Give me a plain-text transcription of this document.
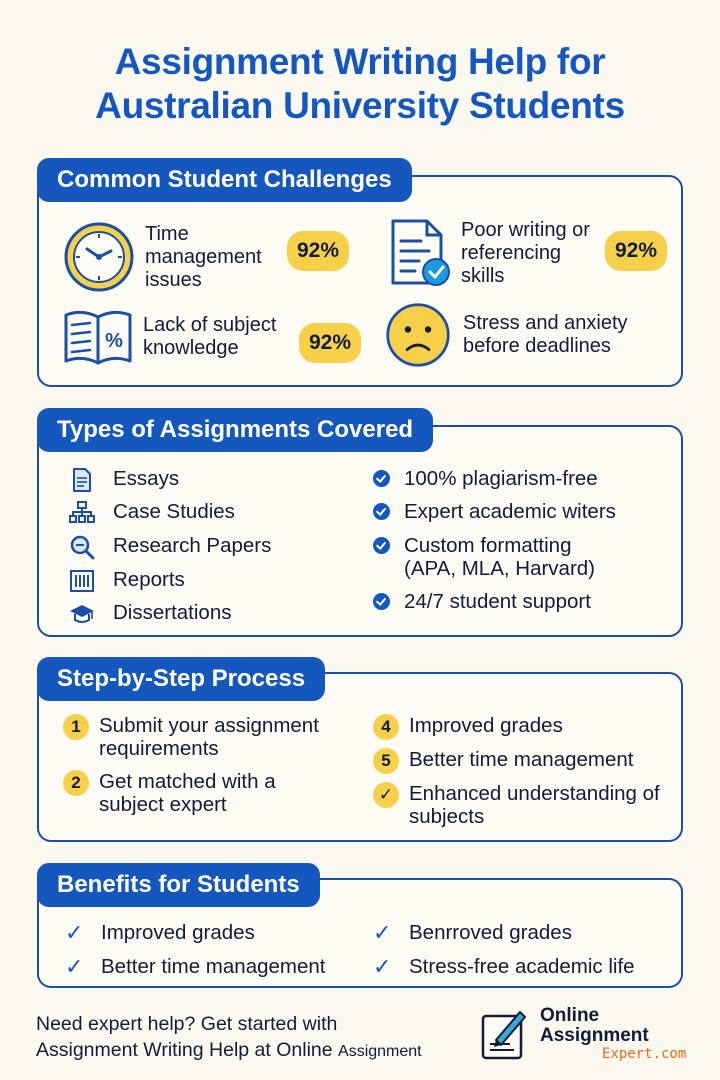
Assignment Writing Help for
Australian University Students
Common Student Challenges
Time management issues
92%
Poor writing or referencing skills
92%
%
Lack of subject knowledge	92%
Stress and anxiety before deadlines
Types of Assignments Covered
Essays
Case Studies
Research Papers
Reports
Dissertations
100% plagiarism-free
Expert academic witers
Custom formatting (APA, MLA, Harvard)
24/7 student support
Step-by-Step Process
1 Submit your assignment requirements
2 Get matched with a subject expert
4 Improved grades
5 Better time management
✓ Enhanced understanding of subjects
Benefits for Students
✓ Improved grades
✓ Better time management
✓ Benrroved grades
✓ Stress-free academic life
Need expert help? Get started with
Assignment Writing Help at Online Assignment
Online
Assignment
Expert.com
